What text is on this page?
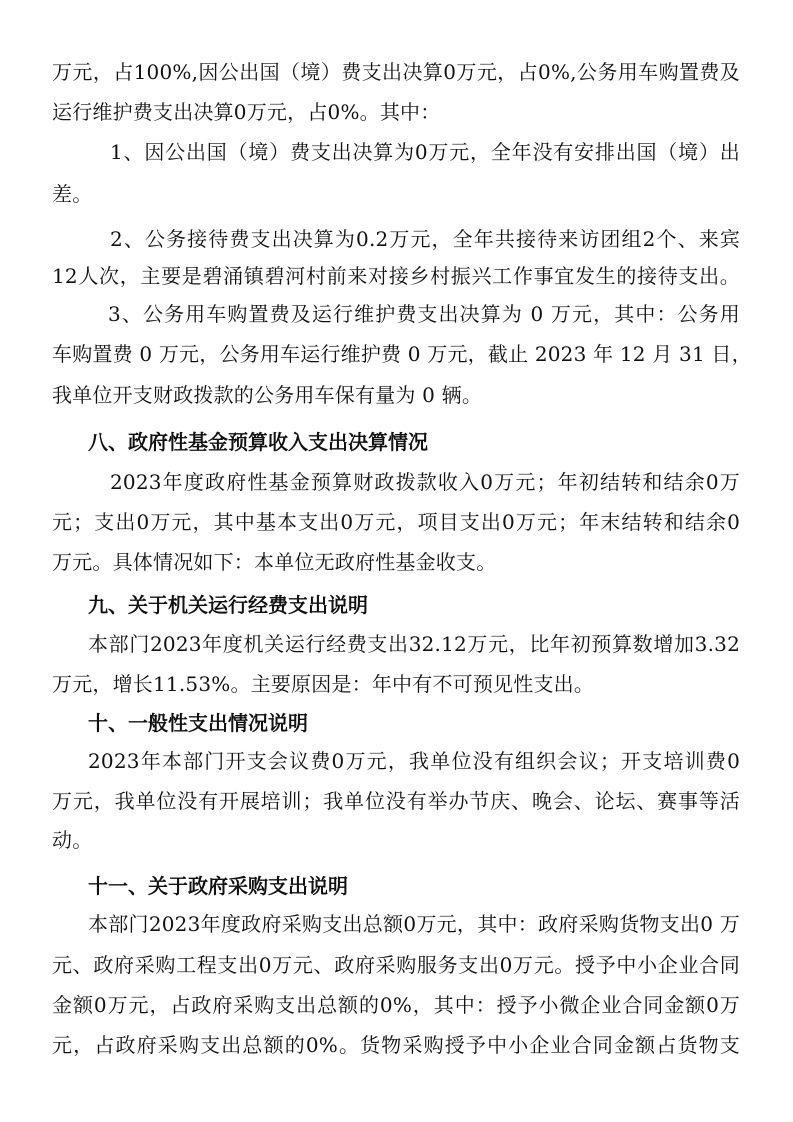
万元，占100%,因公出国（境）费支出决算0万元，占0%,公务用车购置费及
运行维护费支出决算0万元，占0%。其中：
1、因公出国（境）费支出决算为0万元，全年没有安排出国（境）出
差。
2、公务接待费支出决算为0.2万元，全年共接待来访团组2个、来宾
12人次，主要是碧涌镇碧河村前来对接乡村振兴工作事宜发生的接待支出。
3、公务用车购置费及运行维护费支出决算为 0 万元，其中：公务用
车购置费 0 万元，公务用车运行维护费 0 万元，截止 2023 年 12 月 31 日，
我单位开支财政拨款的公务用车保有量为 0 辆。
八、政府性基金预算收入支出决算情况
2023年度政府性基金预算财政拨款收入0万元；年初结转和结余0万
元；支出0万元，其中基本支出0万元，项目支出0万元；年末结转和结余0
万元。具体情况如下：本单位无政府性基金收支。
九、关于机关运行经费支出说明
本部门2023年度机关运行经费支出32.12万元，比年初预算数增加3.32
万元，增长11.53%。主要原因是：年中有不可预见性支出。
十、一般性支出情况说明
2023年本部门开支会议费0万元，我单位没有组织会议；开支培训费0
万元，我单位没有开展培训；我单位没有举办节庆、晚会、论坛、赛事等活
动。
十一、关于政府采购支出说明
本部门2023年度政府采购支出总额0万元，其中：政府采购货物支出0 万
元、政府采购工程支出0万元、政府采购服务支出0万元。授予中小企业合同
金额0万元，占政府采购支出总额的0%，其中：授予小微企业合同金额0万
元，占政府采购支出总额的0%。货物采购授予中小企业合同金额占货物支
